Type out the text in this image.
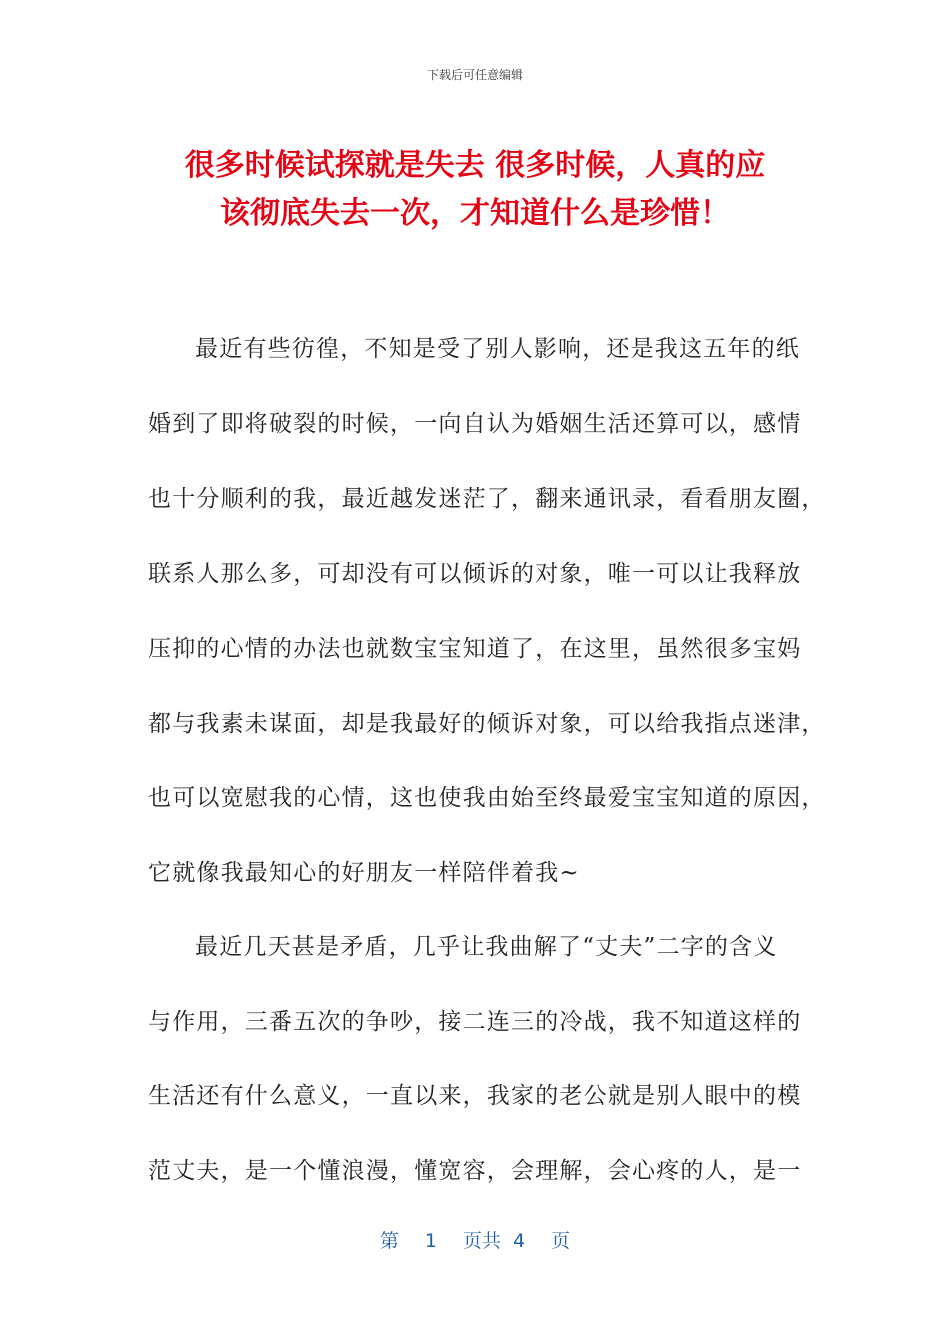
下载后可任意编辑
很多时候试探就是失去 很多时候，人真的应
该彻底失去一次，才知道什么是珍惜！
最近有些彷徨，不知是受了别人影响，还是我这五年的纸
婚到了即将破裂的时候，一向自认为婚姻生活还算可以，感情
也十分顺利的我，最近越发迷茫了，翻来通讯录，看看朋友圈，
联系人那么多，可却没有可以倾诉的对象，唯一可以让我释放
压抑的心情的办法也就数宝宝知道了，在这里，虽然很多宝妈
都与我素未谋面，却是我最好的倾诉对象，可以给我指点迷津，
也可以宽慰我的心情，这也使我由始至终最爱宝宝知道的原因，
它就像我最知心的好朋友一样陪伴着我~
最近几天甚是矛盾，几乎让我曲解了“丈夫”二字的含义
与作用，三番五次的争吵，接二连三的冷战，我不知道这样的
生活还有什么意义，一直以来，我家的老公就是别人眼中的模
范丈夫，是一个懂浪漫，懂宽容，会理解，会心疼的人，是一
第 1 页共 4 页
